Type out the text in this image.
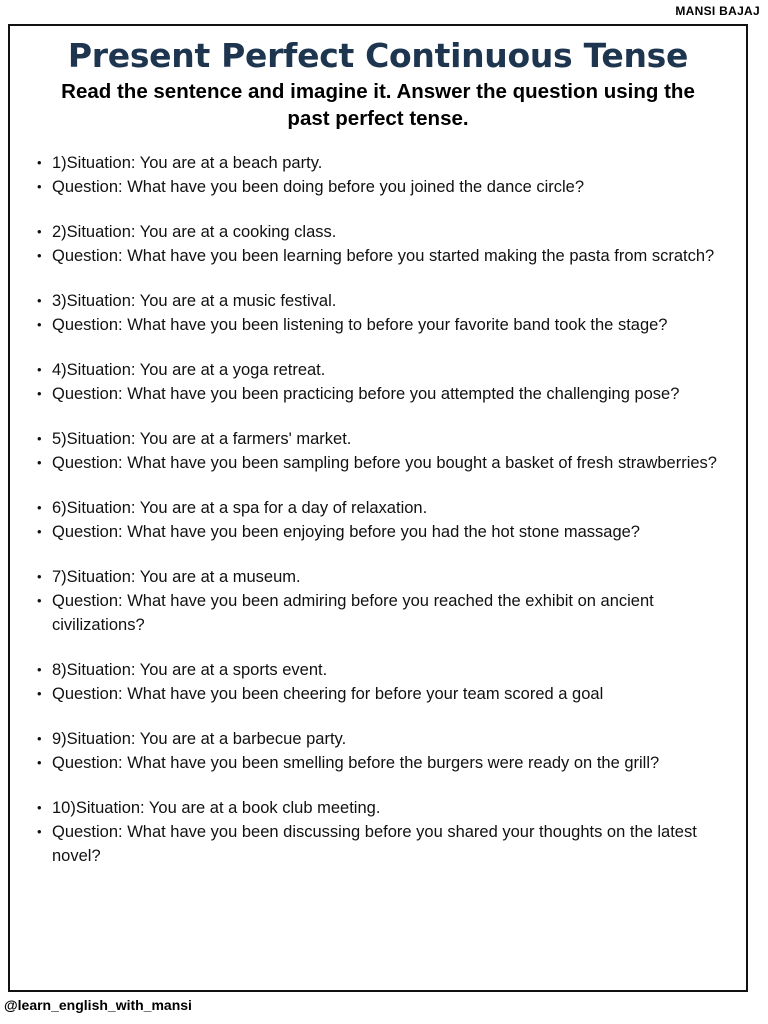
MANSI BAJAJ
Present Perfect Continuous Tense
Read the sentence and imagine it. Answer the question using the past perfect tense.
• 1)Situation: You are at a beach party.
• Question: What have you been doing before you joined the dance circle?
• 2)Situation: You are at a cooking class.
• Question: What have you been learning before you started making the pasta from scratch?
• 3)Situation: You are at a music festival.
• Question: What have you been listening to before your favorite band took the stage?
• 4)Situation: You are at a yoga retreat.
• Question: What have you been practicing before you attempted the challenging pose?
• 5)Situation: You are at a farmers' market.
• Question: What have you been sampling before you bought a basket of fresh strawberries?
• 6)Situation: You are at a spa for a day of relaxation.
• Question: What have you been enjoying before you had the hot stone massage?
• 7)Situation: You are at a museum.
• Question: What have you been admiring before you reached the exhibit on ancient civilizations?
• 8)Situation: You are at a sports event.
• Question: What have you been cheering for before your team scored a goal
• 9)Situation: You are at a barbecue party.
• Question: What have you been smelling before the burgers were ready on the grill?
• 10)Situation: You are at a book club meeting.
• Question: What have you been discussing before you shared your thoughts on the latest novel?
@learn_english_with_mansi
